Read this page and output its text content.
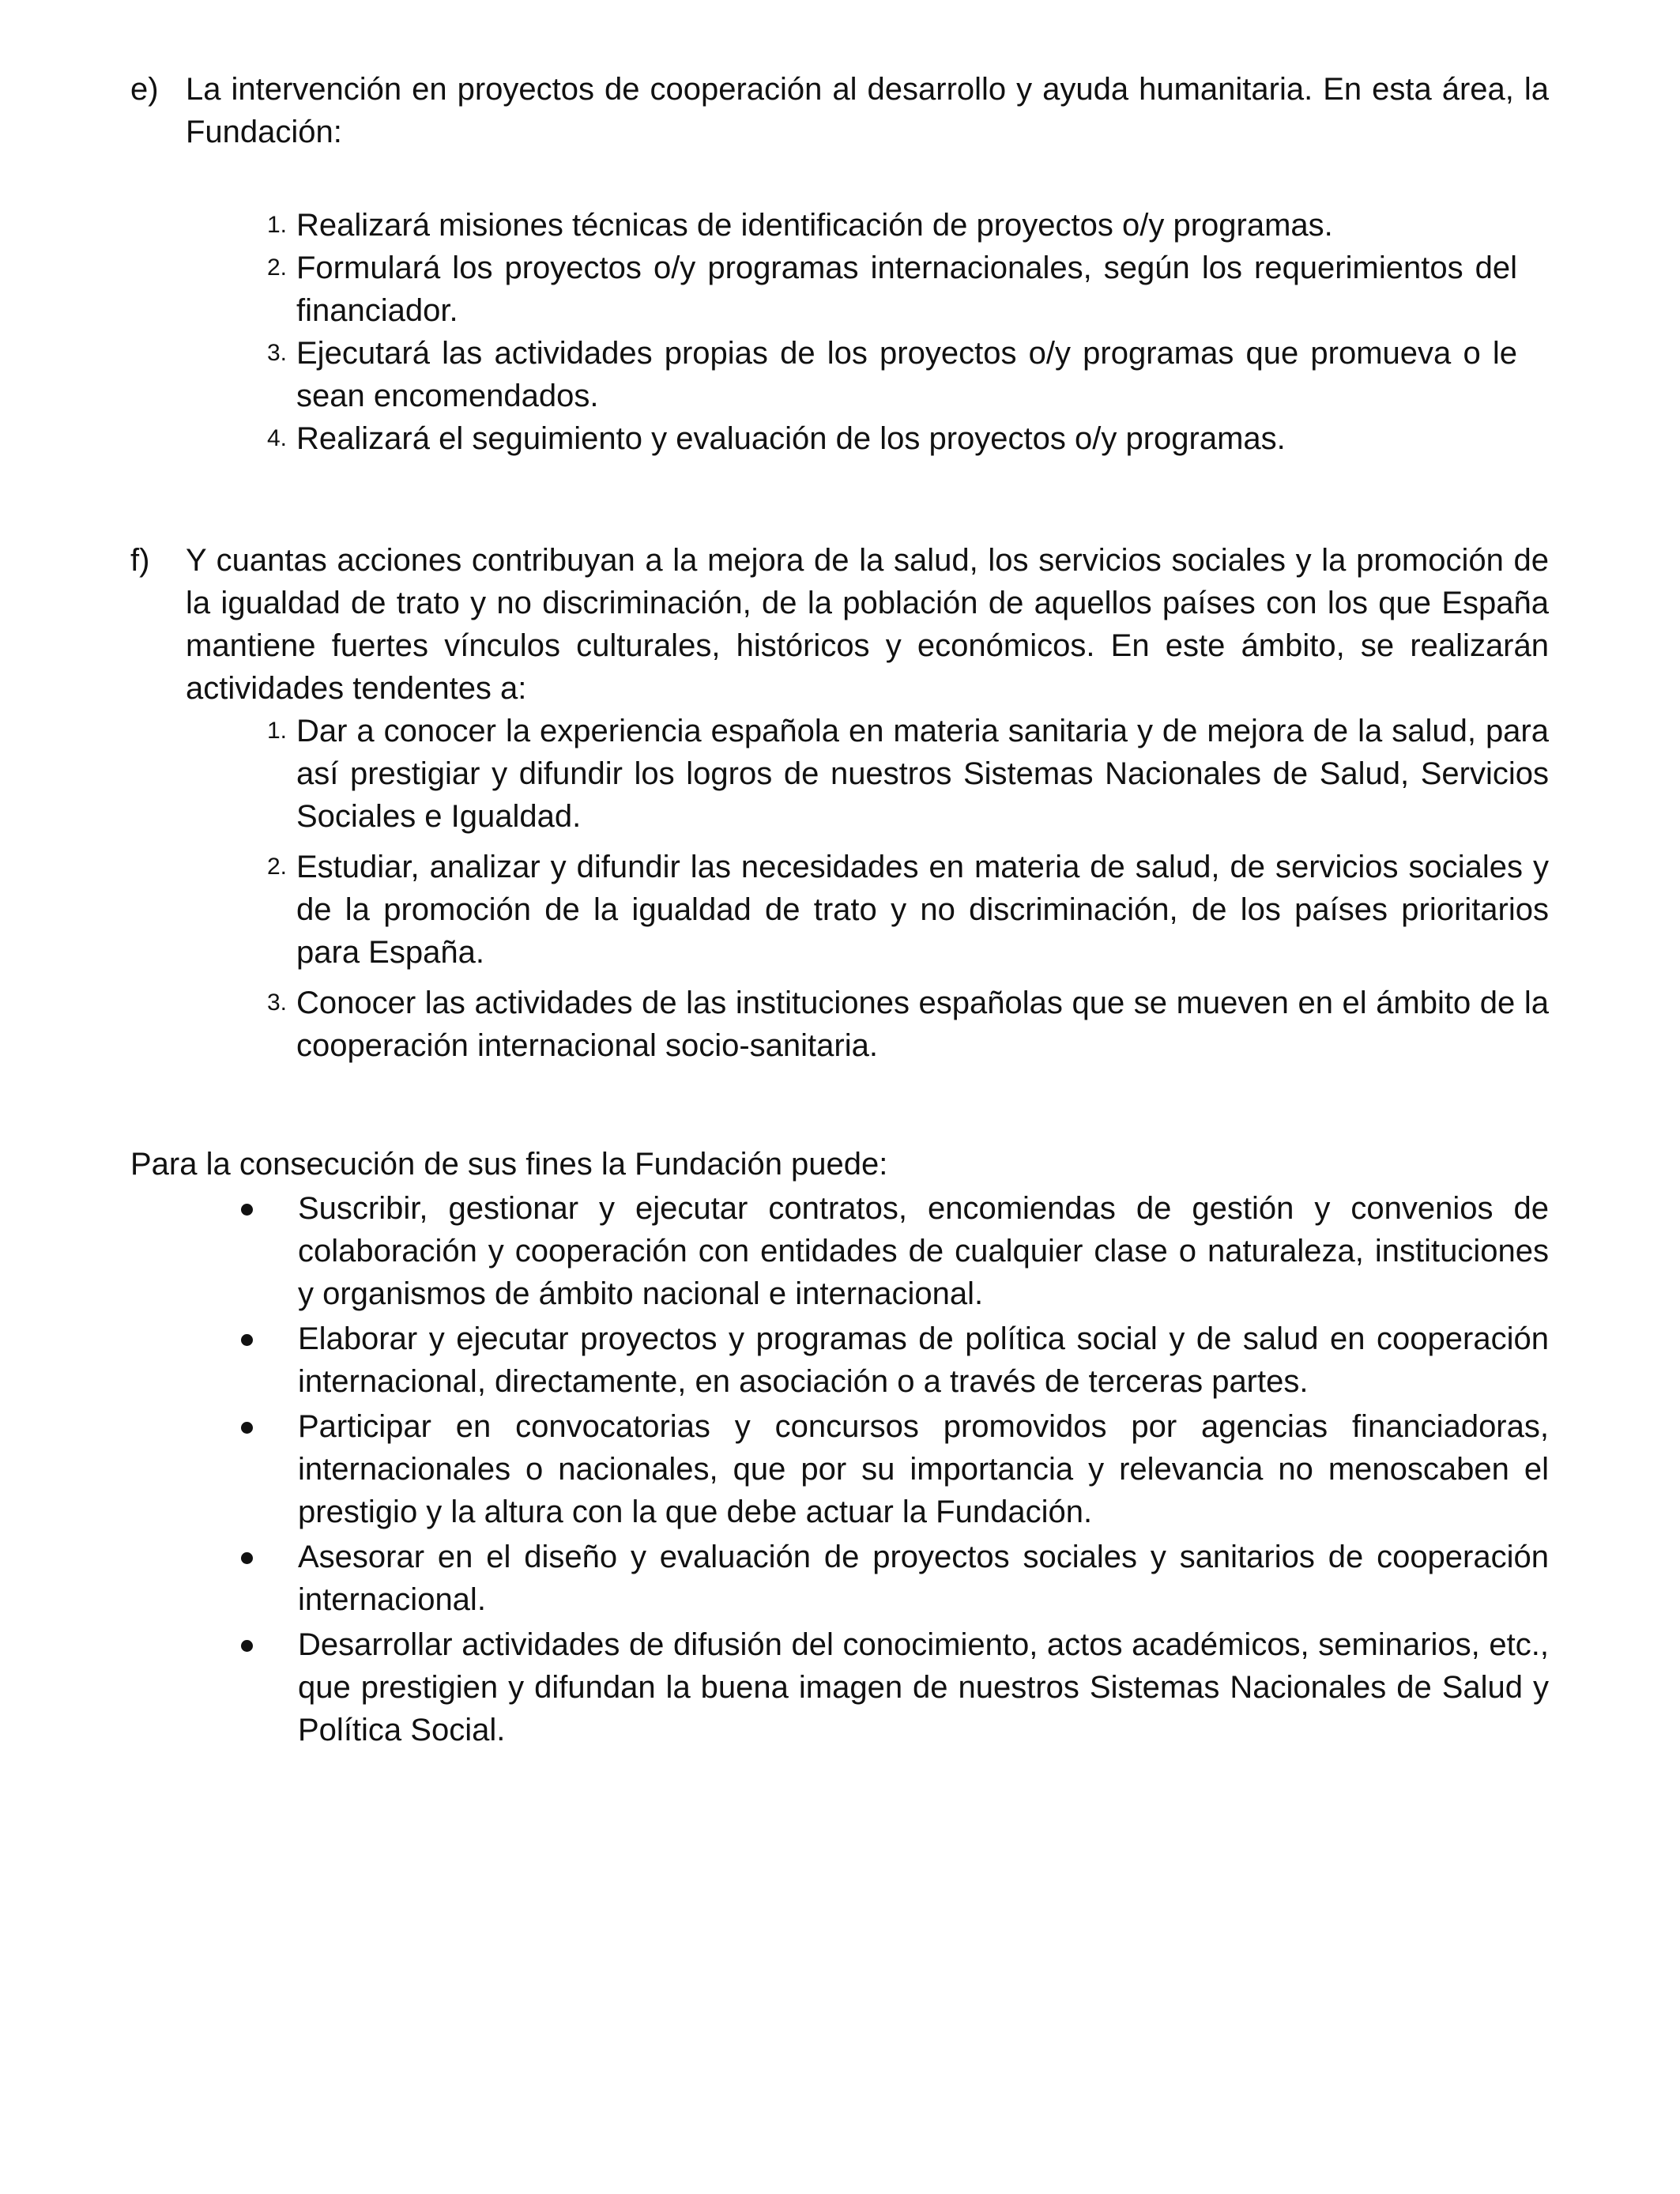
e) La intervención en proyectos de cooperación al desarrollo y ayuda humanitaria. En esta área, la Fundación:
1. Realizará misiones técnicas de identificación de proyectos o/y programas.
2. Formulará los proyectos o/y programas internacionales, según los requerimientos del financiador.
3. Ejecutará las actividades propias de los proyectos o/y programas que promueva o le sean encomendados.
4. Realizará el seguimiento y evaluación de los proyectos o/y programas.
f)	Y cuantas acciones contribuyan a la mejora de la salud, los servicios sociales y la promoción de la igualdad de trato y no discriminación, de la población de aquellos países con los que España mantiene fuertes vínculos culturales, históricos y económicos. En este ámbito, se realizarán actividades tendentes a:
1. Dar a conocer la experiencia española en materia sanitaria y de mejora de la salud, para así prestigiar y difundir los logros de nuestros Sistemas Nacionales de Salud, Servicios Sociales e Igualdad.
2. Estudiar, analizar y difundir las necesidades en materia de salud, de servicios sociales y de la promoción de la igualdad de trato y no discriminación, de los países prioritarios para España.
3. Conocer las actividades de las instituciones españolas que se mueven en el ámbito de la cooperación internacional socio-sanitaria.
Para la consecución de sus fines la Fundación puede:
Suscribir, gestionar y ejecutar contratos, encomiendas de gestión y convenios de colaboración y cooperación con entidades de cualquier clase o naturaleza, instituciones y organismos de ámbito nacional e internacional.
Elaborar y ejecutar proyectos y programas de política social y de salud en cooperación internacional, directamente, en asociación o a través de terceras partes.
Participar en convocatorias y concursos promovidos por agencias financiadoras, internacionales o nacionales, que por su importancia y relevancia no menoscaben el prestigio y la altura con la que debe actuar la Fundación.
Asesorar en el diseño y evaluación de proyectos sociales y sanitarios de cooperación internacional.
Desarrollar actividades de difusión del conocimiento, actos académicos, seminarios, etc., que prestigien y difundan la buena imagen de nuestros Sistemas Nacionales de Salud y Política Social.
